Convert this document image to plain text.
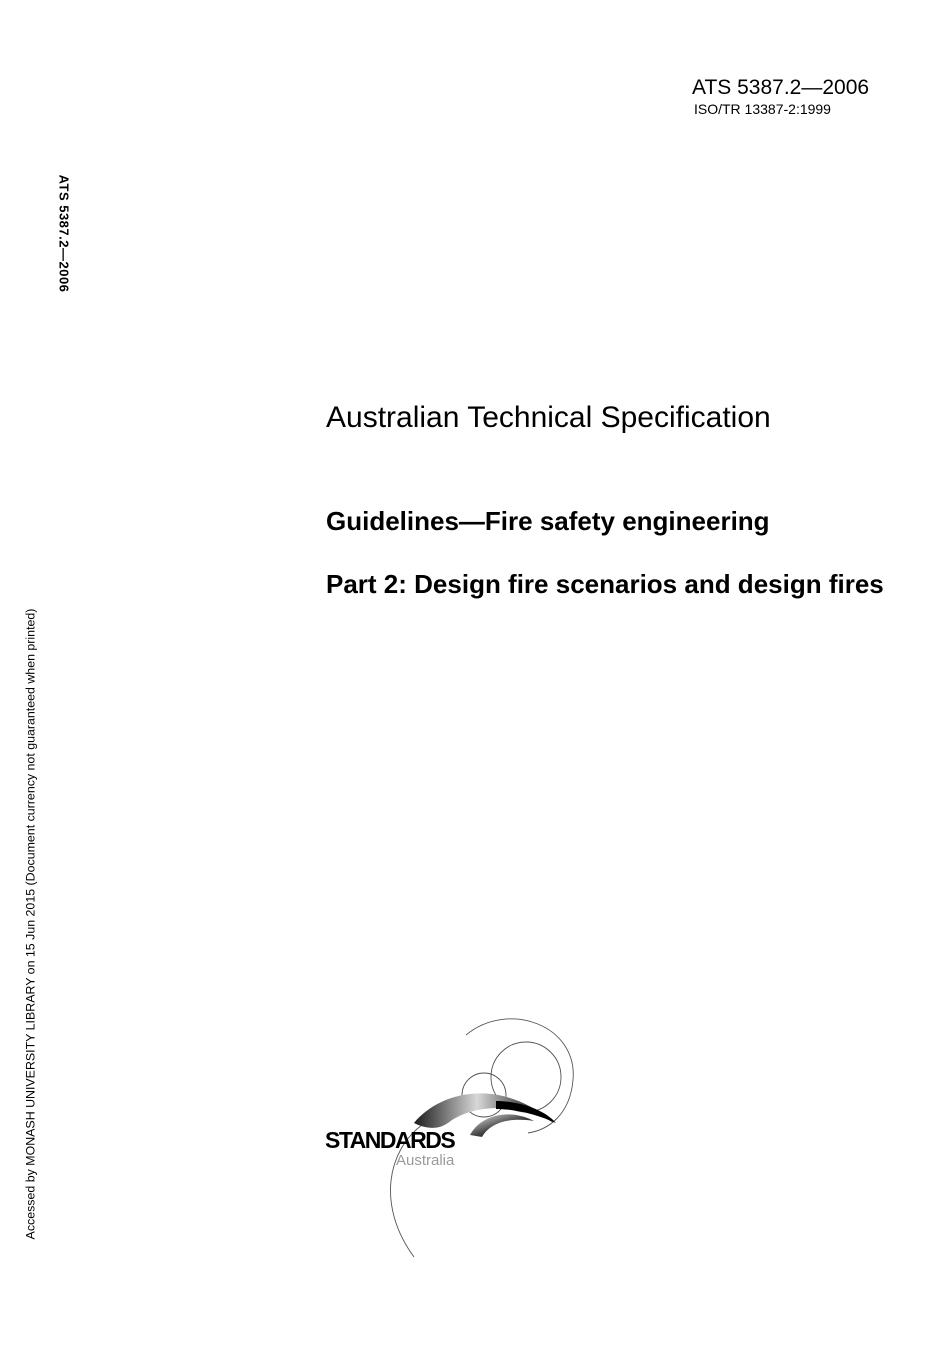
ATS 5387.2—2006
ISO/TR 13387-2:1999
ATS 5387.2—2006
Accessed by MONASH UNIVERSITY LIBRARY on 15 Jun 2015 (Document currency not guaranteed when printed)
Australian Technical Specification
Guidelines—Fire safety engineering
Part 2: Design fire scenarios and design fires
STANDARDS
Australia
